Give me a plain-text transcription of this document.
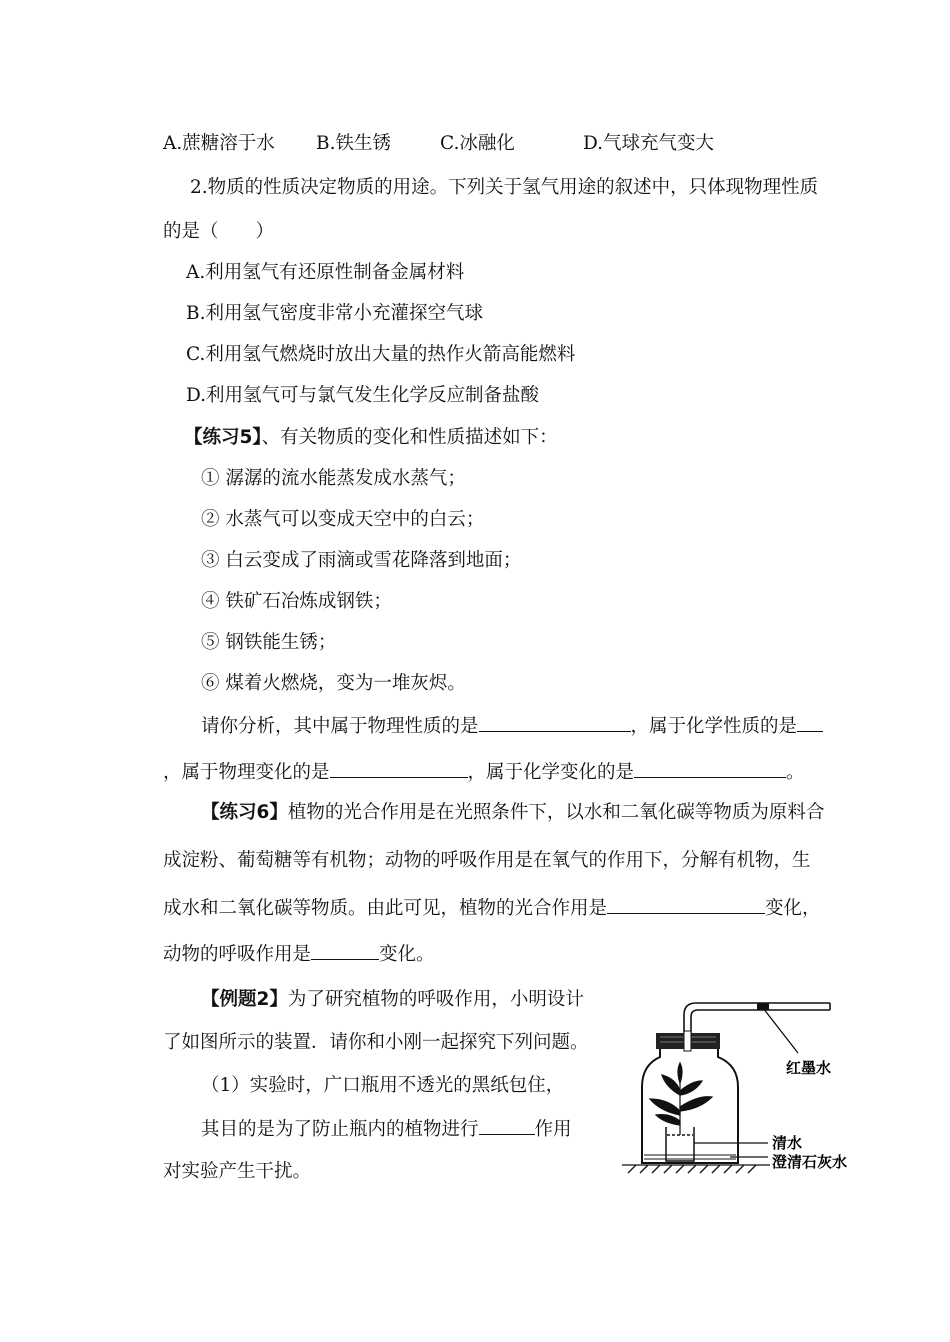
A.蔗糖溶于水 B.铁生锈	C.冰融化	D.气球充气变大
2.物质的性质决定物质的用途。下列关于氢气用途的叙述中，只体现物理性质
的是（　　）
A.利用氢气有还原性制备金属材料
B.利用氢气密度非常小充灌探空气球
C.利用氢气燃烧时放出大量的热作火箭高能燃料
D.利用氢气可与氯气发生化学反应制备盐酸
【练习5】、有关物质的变化和性质描述如下：
① 潺潺的流水能蒸发成水蒸气；
② 水蒸气可以变成天空中的白云；
③ 白云变成了雨滴或雪花降落到地面；
④ 铁矿石冶炼成钢铁；
⑤ 钢铁能生锈；
⑥ 煤着火燃烧，变为一堆灰烬。
请你分析，其中属于物理性质的是	，属于化学性质的是
，属于物理变化的是	，属于化学变化的是	。
【练习6】植物的光合作用是在光照条件下，以水和二氧化碳等物质为原料合
成淀粉、葡萄糖等有机物；动物的呼吸作用是在氧气的作用下，分解有机物，生
成水和二氧化碳等物质。由此可见，植物的光合作用是	变化，
动物的呼吸作用是	变化。
【例题2】为了研究植物的呼吸作用，小明设计
了如图所示的装置．请你和小刚一起探究下列问题。
（1）实验时，广口瓶用不透光的黑纸包住，
其目的是为了防止瓶内的植物进行	作用
对实验产生干扰。
红墨水
清水
澄清石灰水
